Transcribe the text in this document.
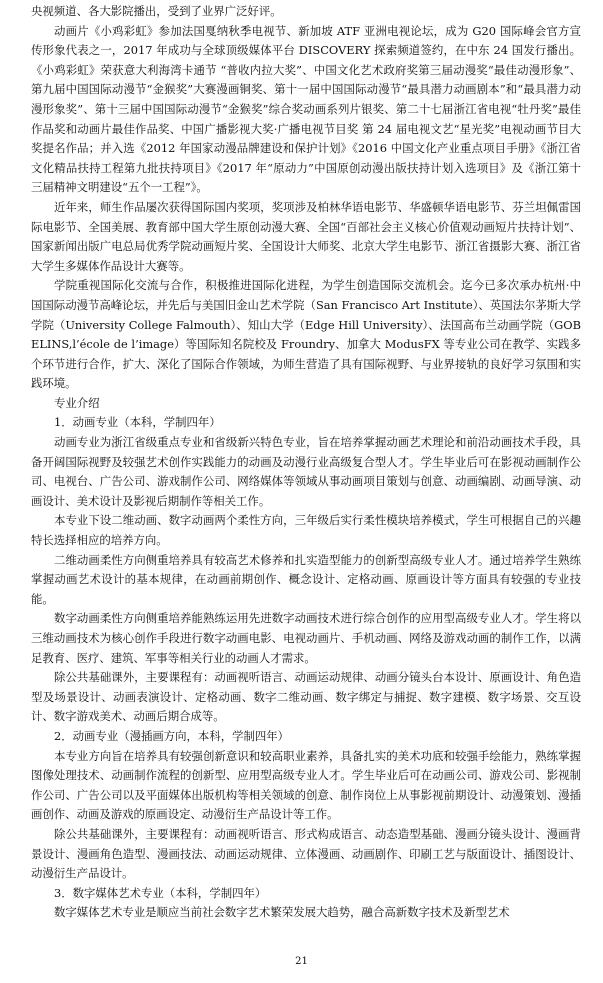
央视频道、各大影院播出，受到了业界广泛好评。

动画片《小鸡彩虹》参加法国戛纳秋季电视节、新加坡 ATF 亚洲电视论坛，成为 G20 国际峰会官方宣传形象代表之一，2017 年成功与全球顶级媒体平台 DISCOVERY 探索频道签约，在中东 24 国发行播出。《小鸡彩虹》荣获意大利海湾卡通节 “普收内拉大奖”、中国文化艺术政府奖第三届动漫奖“最佳动漫形象”、第九届中国国际动漫节“金猴奖”大赛漫画铜奖、第十一届中国国际动漫节“最具潜力动画剧本”和“最具潜力动漫形象奖”、第十三届中国国际动漫节“金猴奖”综合奖动画系列片银奖、第二十七届浙江省电视“牡丹奖”最佳作品奖和动画片最佳作品奖、中国广播影视大奖·广播电视节目奖 第 24 届电视文艺“星光奖”电视动画节目大奖提名作品；并入选《2012 年国家动漫品牌建设和保护计划》《2016 中国文化产业重点项目手册》《浙江省文化精品扶持工程第九批扶持项目》《2017 年“原动力”中国原创动漫出版扶持计划入选项目》及《浙江第十三届精神文明建设“五个一工程”》。

近年来，师生作品屡次获得国际国内奖项，奖项涉及柏林华语电影节、华盛顿华语电影节、芬兰坦佩雷国际电影节、全国美展、教育部中国大学生原创动漫大赛、全国“百部社会主义核心价值观动画短片扶持计划”、国家新闻出版广电总局优秀学院动画短片奖、全国设计大师奖、北京大学生电影节、浙江省摄影大赛、浙江省大学生多媒体作品设计大赛等。

学院重视国际化交流与合作，积极推进国际化进程，为学生创造国际交流机会。迄今已多次承办杭州·中国国际动漫节高峰论坛，并先后与美国旧金山艺术学院（San Francisco Art Institute）、英国法尔茅斯大学学院（University College Falmouth）、知山大学（Edge Hill University）、法国高布兰动画学院（GOBELINS,l’école de l’image）等国际知名院校及 Froundry、加拿大 ModusFX 等专业公司在教学、实践多个环节进行合作，扩大、深化了国际合作领域，为师生营造了具有国际视野、与业界接轨的良好学习氛围和实践环境。

专业介绍

1．动画专业（本科，学制四年）

动画专业为浙江省级重点专业和省级新兴特色专业，旨在培养掌握动画艺术理论和前沿动画技术手段，具备开阔国际视野及较强艺术创作实践能力的动画及动漫行业高级复合型人才。学生毕业后可在影视动画制作公司、电视台、广告公司、游戏制作公司、网络媒体等领域从事动画项目策划与创意、动画编剧、动画导演、动画设计、美术设计及影视后期制作等相关工作。

本专业下设二维动画、数字动画两个柔性方向，三年级后实行柔性模块培养模式，学生可根据自己的兴趣特长选择相应的培养方向。

二维动画柔性方向侧重培养具有较高艺术修养和扎实造型能力的创新型高级专业人才。通过培养学生熟练掌握动画艺术设计的基本规律，在动画前期创作、概念设计、定格动画、原画设计等方面具有较强的专业技能。

数字动画柔性方向侧重培养能熟练运用先进数字动画技术进行综合创作的应用型高级专业人才。学生将以三维动画技术为核心创作手段进行数字动画电影、电视动画片、手机动画、网络及游戏动画的制作工作，以满足教育、医疗、建筑、军事等相关行业的动画人才需求。

除公共基础课外，主要课程有：动画视听语言、动画运动规律、动画分镜头台本设计、原画设计、角色造型及场景设计、动画表演设计、定格动画、数字二维动画、数字绑定与捕捉、数字建模、数字场景、交互设计、数字游戏美术、动画后期合成等。

2．动画专业（漫插画方向，本科，学制四年）

本专业方向旨在培养具有较强创新意识和较高职业素养，具备扎实的美术功底和较强手绘能力，熟练掌握图像处理技术、动画制作流程的创新型、应用型高级专业人才。学生毕业后可在动画公司、游戏公司、影视制作公司、广告公司以及平面媒体出版机构等相关领域的创意、制作岗位上从事影视前期设计、动漫策划、漫插画创作、动画及游戏的原画设定、动漫衍生产品设计等工作。

除公共基础课外，主要课程有：动画视听语言、形式构成语言、动态造型基础、漫画分镜头设计、漫画背景设计、漫画角色造型、漫画技法、动画运动规律、立体漫画、动画剧作、印刷工艺与版面设计、插图设计、动漫衍生产品设计。

3．数字媒体艺术专业（本科，学制四年）

数字媒体艺术专业是顺应当前社会数字艺术繁荣发展大趋势，融合高新数字技术及新型艺术

21
